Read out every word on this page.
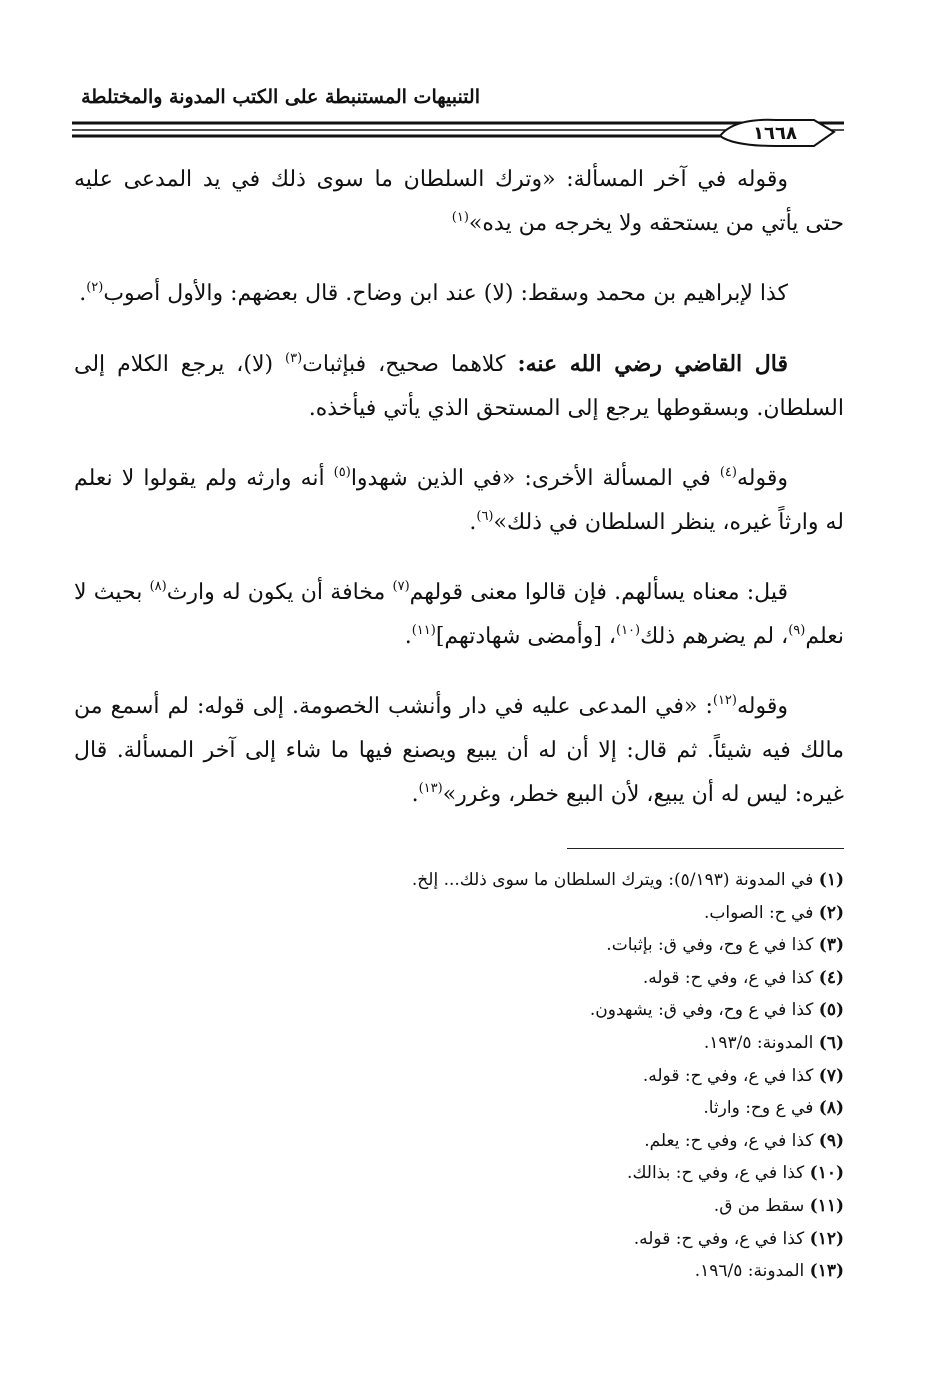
التنبيهات المستنبطة على الكتب المدونة والمختلطة
١٦٦٨

وقوله في آخر المسألة: «وترك السلطان ما سوى ذلك في يد المدعى عليه حتى يأتي من يستحقه ولا يخرجه من يده»$^{(١)}$

كذا لإبراهيم بن محمد وسقط: (لا) عند ابن وضاح. قال بعضهم: والأول أصوب$^{(٢)}$.

قال القاضي رضي الله عنه: كلاهما صحيح، فبإثبات$^{(٣)}$ (لا)، يرجع الكلام إلى السلطان. وبسقوطها يرجع إلى المستحق الذي يأتي فيأخذه.

وقوله$^{(٤)}$ في المسألة الأخرى: «في الذين شهدوا$^{(٥)}$ أنه وارثه ولم يقولوا لا نعلم له وارثاً غيره، ينظر السلطان في ذلك»$^{(٦)}$.

قيل: معناه يسألهم. فإن قالوا معنى قولهم$^{(٧)}$ مخافة أن يكون له وارث$^{(٨)}$ بحيث لا نعلم$^{(٩)}$، لم يضرهم ذلك$^{(١٠)}$، [وأمضى شهادتهم]$^{(١١)}$.

وقوله$^{(١٢)}$: «في المدعى عليه في دار وأنشب الخصومة. إلى قوله: لم أسمع من مالك فيه شيئاً. ثم قال: إلا أن له أن يبيع ويصنع فيها ما شاء إلى آخر المسألة. قال غيره: ليس له أن يبيع، لأن البيع خطر، وغرر»$^{(١٣)}$.

(١) في المدونة (٥/١٩٣): ويترك السلطان ما سوى ذلك... إلخ.
(٢) في ح: الصواب.
(٣) كذا في ع وح، وفي ق: بإثبات.
(٤) كذا في ع، وفي ح: قوله.
(٥) كذا في ع وح، وفي ق: يشهدون.
(٦) المدونة: ١٩٣/٥.
(٧) كذا في ع، وفي ح: قوله.
(٨) في ع وح: وارثا.
(٩) كذا في ع، وفي ح: يعلم.
(١٠) كذا في ع، وفي ح: بذالك.
(١١) سقط من ق.
(١٢) كذا في ع، وفي ح: قوله.
(١٣) المدونة: ١٩٦/٥.
